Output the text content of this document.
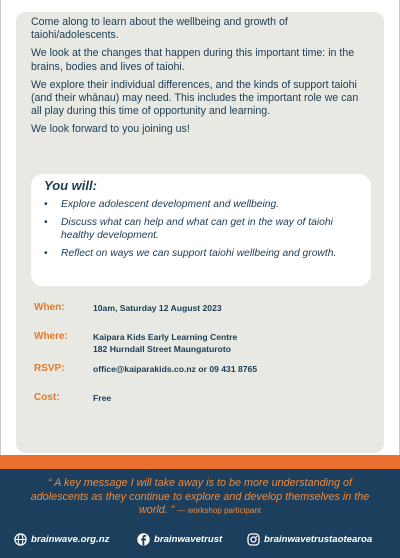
Come along to learn about the wellbeing and growth of taiohi/adolescents.

We look at the changes that happen during this important time: in the brains, bodies and lives of taiohi.

We explore their individual differences, and the kinds of support taiohi (and their whānau) may need. This includes the important role we can all play during this time of opportunity and learning.

We look forward to you joining us!

You will:
• Explore adolescent development and wellbeing.
• Discuss what can help and what can get in the way of taiohi healthy development.
• Reflect on ways we can support taiohi wellbeing and growth.
When:	10am, Saturday 12 August 2023
Where:	Kaipara Kids Early Learning Centre
182 Hurndall Street Maungaturoto
RSVP:	office@kaiparakids.co.nz or 09 431 8765
Cost:	Free
“ A key message I will take away is to be more understanding of adolescents as they continue to explore and develop themselves in the world. ” — workshop participant
brainwave.org.nz	brainwavetrust	brainwavetrustaotearoa
